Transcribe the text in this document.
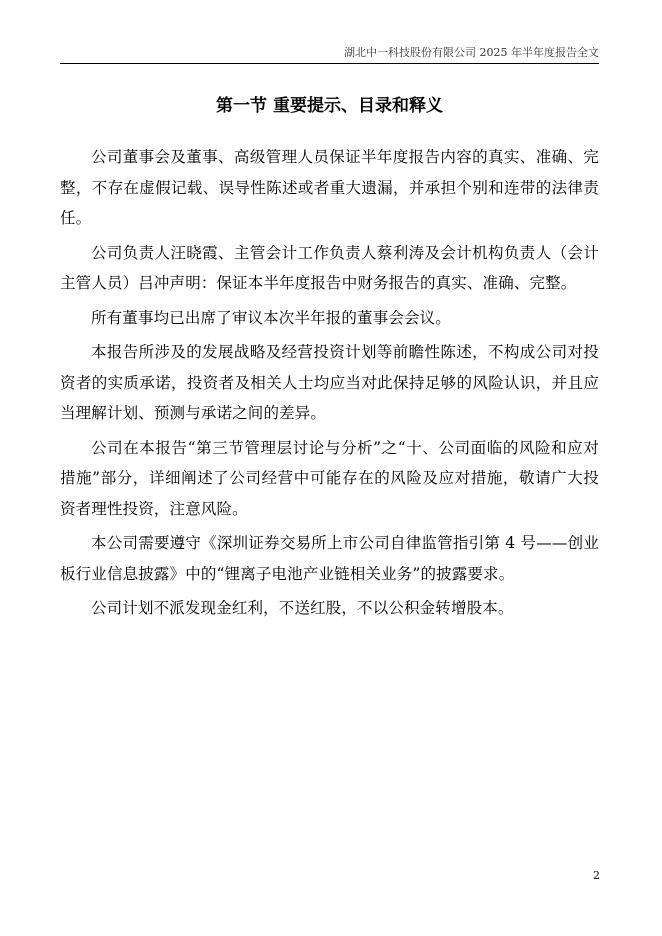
湖北中一科技股份有限公司 2025 年半年度报告全文
第一节 重要提示、目录和释义

公司董事会及董事、高级管理人员保证半年度报告内容的真实、准确、完整，不存在虚假记载、误导性陈述或者重大遗漏，并承担个别和连带的法律责任。

公司负责人汪晓霞、主管会计工作负责人蔡利涛及会计机构负责人（会计主管人员）吕冲声明：保证本半年度报告中财务报告的真实、准确、完整。

所有董事均已出席了审议本次半年报的董事会会议。

本报告所涉及的发展战略及经营投资计划等前瞻性陈述，不构成公司对投资者的实质承诺，投资者及相关人士均应当对此保持足够的风险认识，并且应当理解计划、预测与承诺之间的差异。

公司在本报告“第三节管理层讨论与分析”之“十、公司面临的风险和应对措施”部分，详细阐述了公司经营中可能存在的风险及应对措施，敬请广大投资者理性投资，注意风险。

本公司需要遵守《深圳证券交易所上市公司自律监管指引第 4 号——创业板行业信息披露》中的“锂离子电池产业链相关业务”的披露要求。

公司计划不派发现金红利，不送红股，不以公积金转增股本。

2
